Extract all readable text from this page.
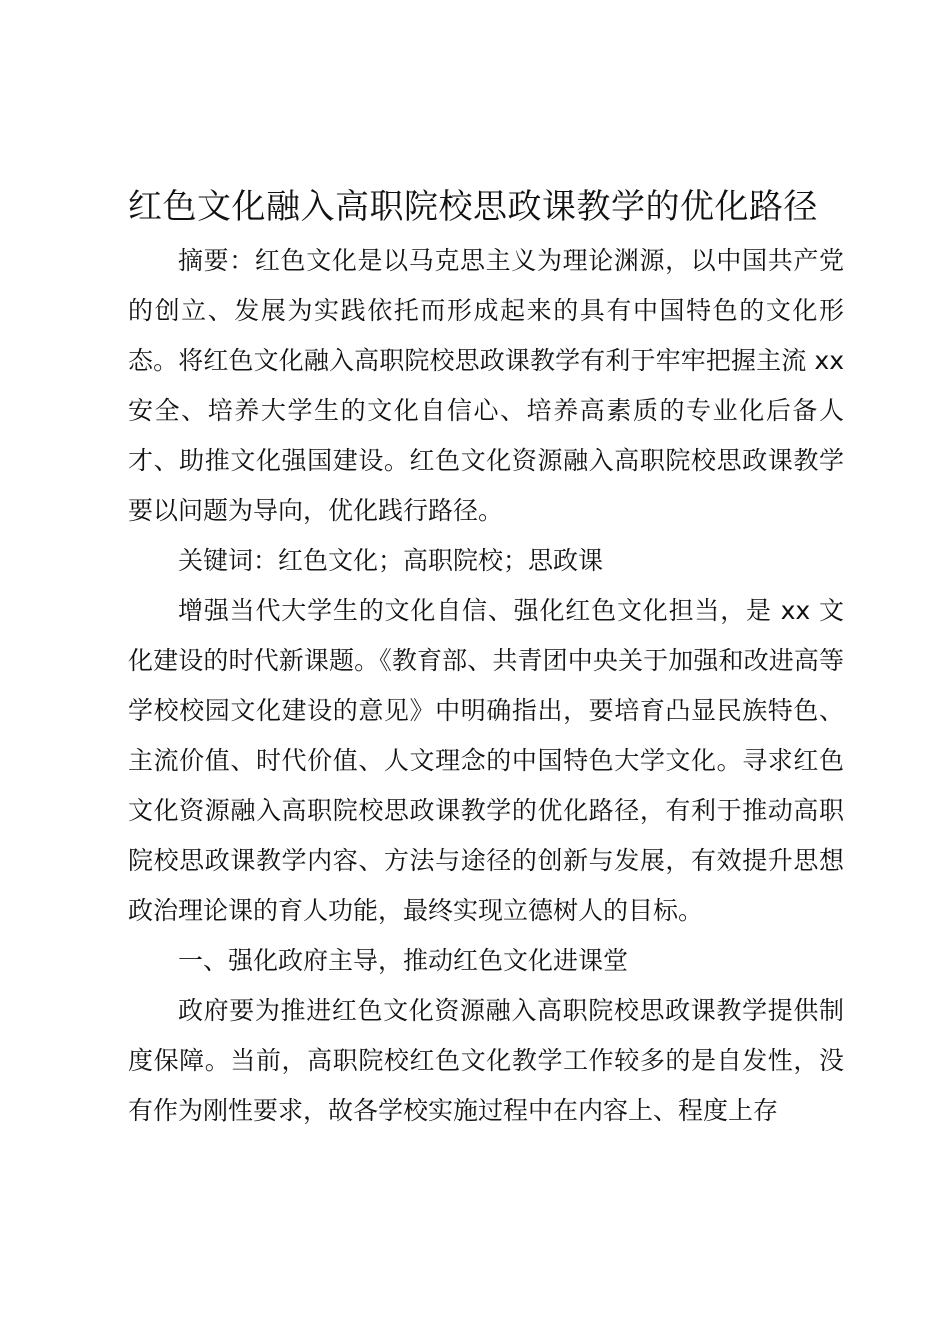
红色文化融入高职院校思政课教学的优化路径

摘要：红色文化是以马克思主义为理论渊源，以中国共产党的创立、发展为实践依托而形成起来的具有中国特色的文化形态。将红色文化融入高职院校思政课教学有利于牢牢把握主流 xx 安全、培养大学生的文化自信心、培养高素质的专业化后备人才、助推文化强国建设。红色文化资源融入高职院校思政课教学要以问题为导向，优化践行路径。

关键词：红色文化；高职院校；思政课

增强当代大学生的文化自信、强化红色文化担当，是 xx 文化建设的时代新课题。《教育部、共青团中央关于加强和改进高等学校校园文化建设的意见》中明确指出，要培育凸显民族特色、主流价值、时代价值、人文理念的中国特色大学文化。寻求红色文化资源融入高职院校思政课教学的优化路径，有利于推动高职院校思政课教学内容、方法与途径的创新与发展，有效提升思想政治理论课的育人功能，最终实现立德树人的目标。

一、强化政府主导，推动红色文化进课堂

政府要为推进红色文化资源融入高职院校思政课教学提供制度保障。当前，高职院校红色文化教学工作较多的是自发性，没有作为刚性要求，故各学校实施过程中在内容上、程度上存
